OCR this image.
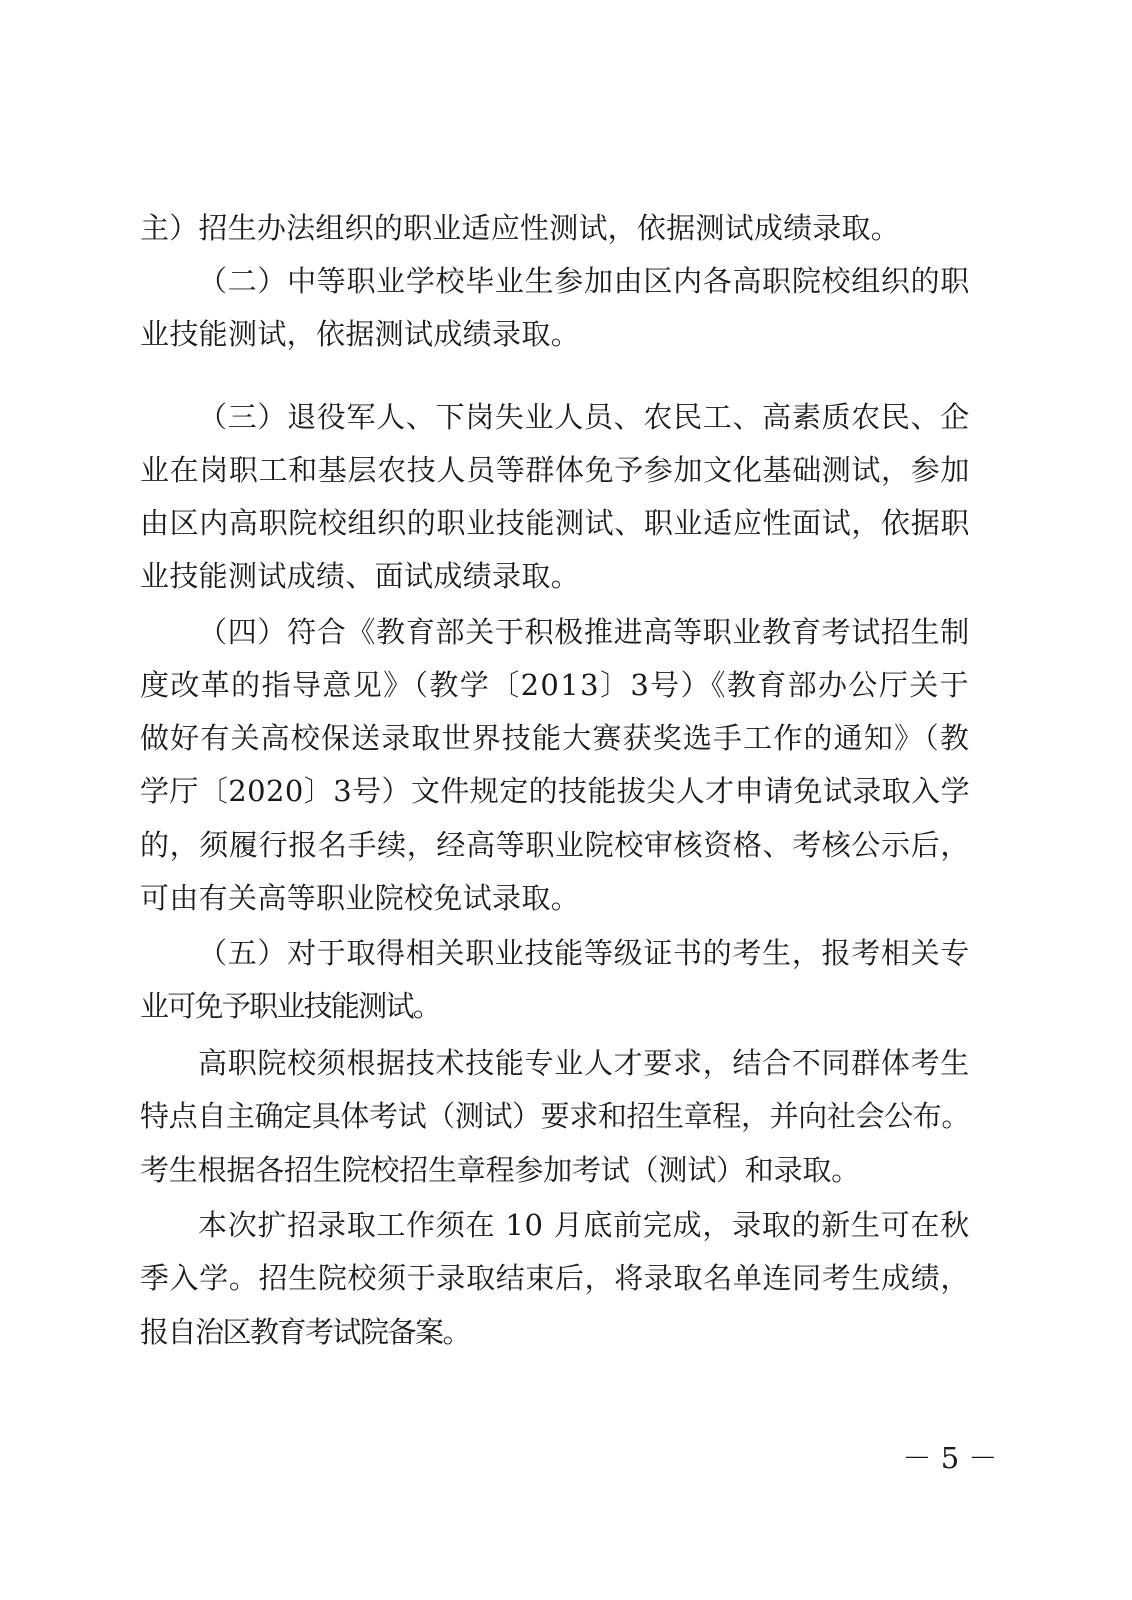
主）招生办法组织的职业适应性测试，依据测试成绩录取。
（二）中等职业学校毕业生参加由区内各高职院校组织的职
业技能测试，依据测试成绩录取。
（三）退役军人、下岗失业人员、农民工、高素质农民、企
业在岗职工和基层农技人员等群体免予参加文化基础测试，参加
由区内高职院校组织的职业技能测试、职业适应性面试，依据职
业技能测试成绩、面试成绩录取。
（四）符合《教育部关于积极推进高等职业教育考试招生制
度改革的指导意见》（教学〔2013〕3号）《教育部办公厅关于
做好有关高校保送录取世界技能大赛获奖选手工作的通知》（教
学厅〔2020〕3号）文件规定的技能拔尖人才申请免试录取入学
的，须履行报名手续，经高等职业院校审核资格、考核公示后，
可由有关高等职业院校免试录取。
（五）对于取得相关职业技能等级证书的考生，报考相关专
业可免予职业技能测试。
高职院校须根据技术技能专业人才要求，结合不同群体考生
特点自主确定具体考试（测试）要求和招生章程，并向社会公布。
考生根据各招生院校招生章程参加考试（测试）和录取。
本次扩招录取工作须在 10 月底前完成，录取的新生可在秋
季入学。招生院校须于录取结束后，将录取名单连同考生成绩，
报自治区教育考试院备案。
－ 5 －
